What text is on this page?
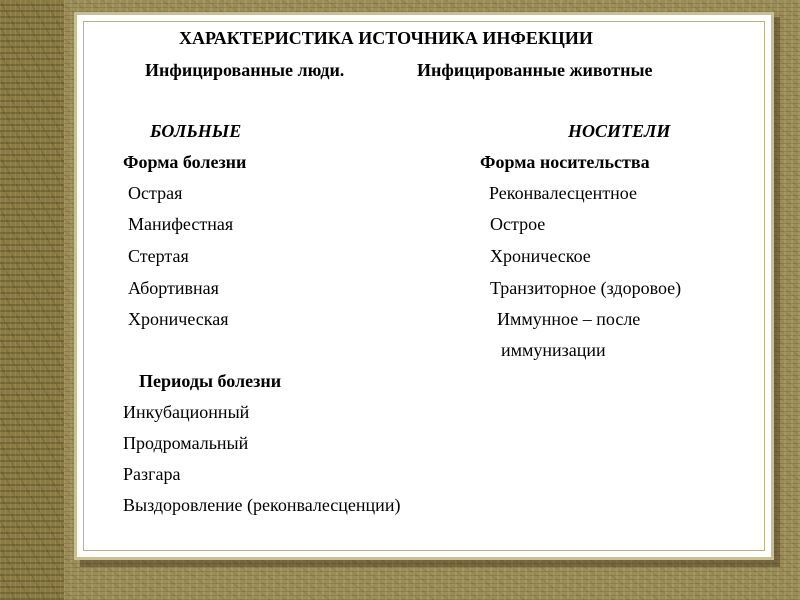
ХАРАКТЕРИСТИКА ИСТОЧНИКА ИНФЕКЦИИ
Инфицированные люди.	Инфицированные животные
БОЛЬНЫЕ
Форма болезни
Острая
Манифестная
Стертая
Абортивная
Хроническая
Периоды болезни
Инкубационный
Продромальный
Разгара
Выздоровление (реконвалесценции)
НОСИТЕЛИ
Форма носительства
Реконвалесцентное
Острое
Хроническое
Транзиторное (здоровое)
Иммунное – после
иммунизации
